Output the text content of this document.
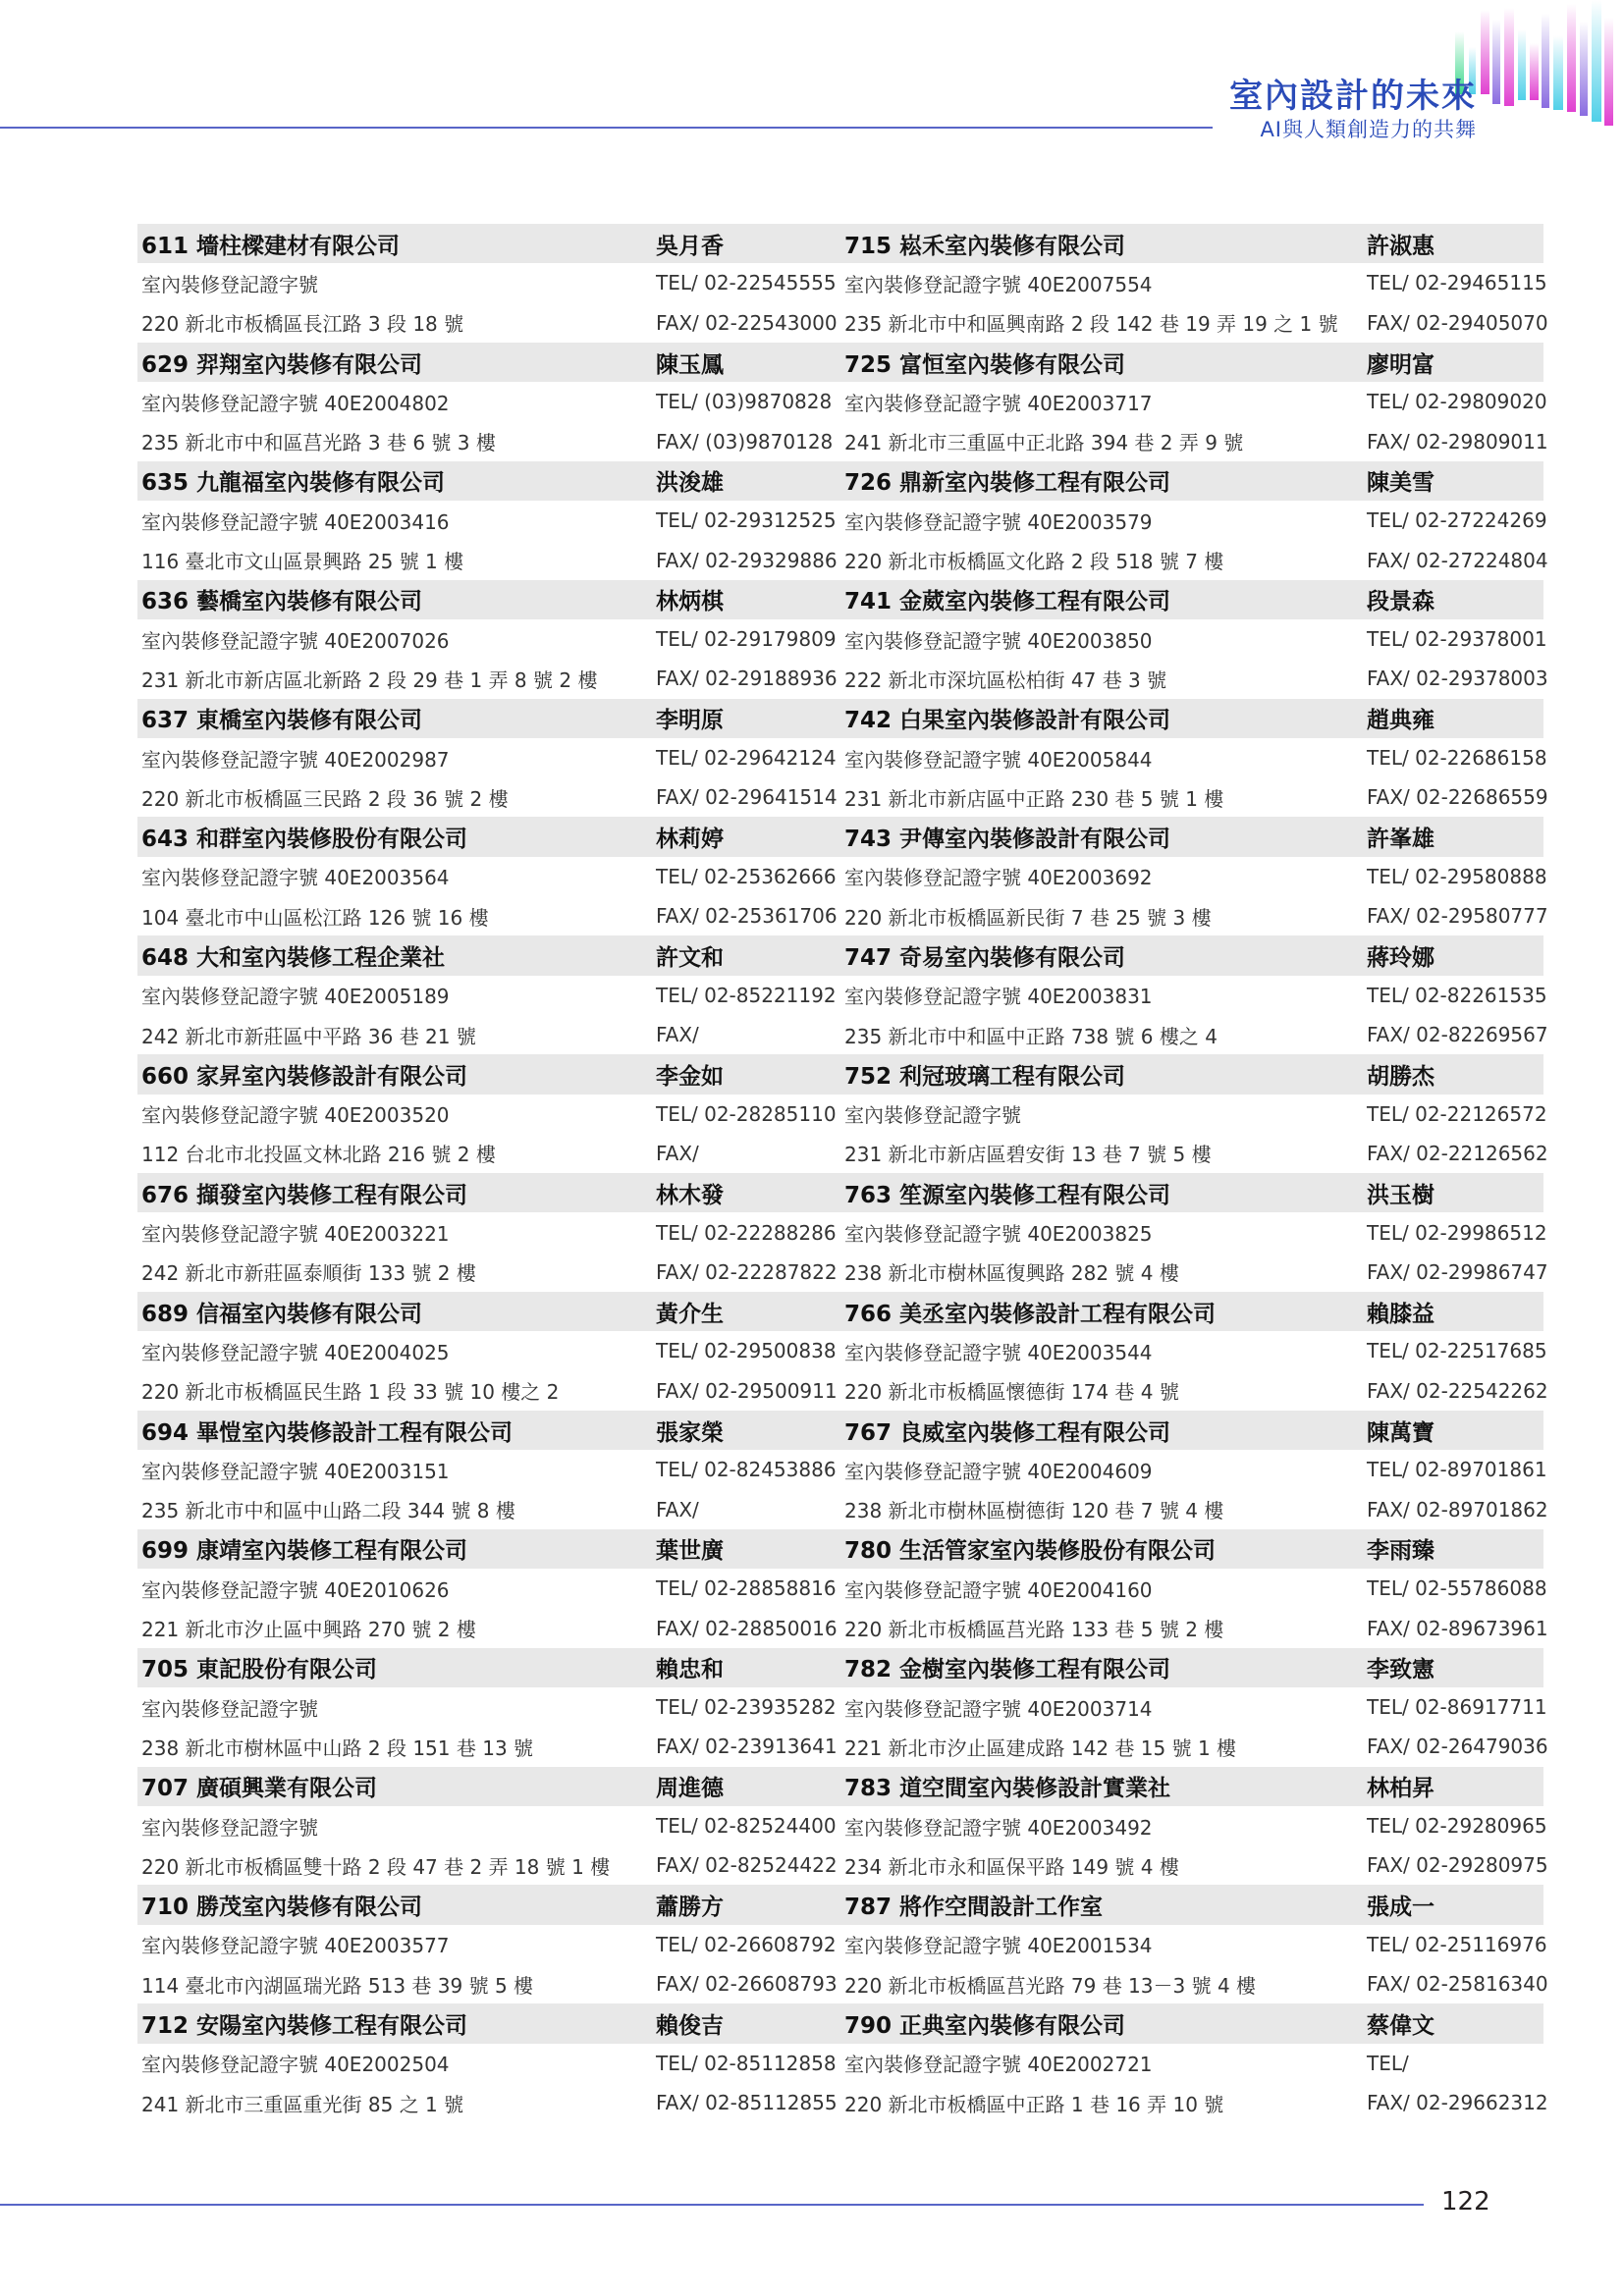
室內設計的未來
AI與人類創造力的共舞
611 墻柱樑建材有限公司	吳月香
室內裝修登記證字號	TEL/ 02-22545555
220 新北市板橋區長江路 3 段 18 號	FAX/ 02-22543000
629 羿翔室內裝修有限公司	陳玉鳳
室內裝修登記證字號 40E2004802	TEL/ (03)9870828
235 新北市中和區莒光路 3 巷 6 號 3 樓	FAX/ (03)9870128
635 九龍福室內裝修有限公司	洪浚雄
室內裝修登記證字號 40E2003416	TEL/ 02-29312525
116 臺北市文山區景興路 25 號 1 樓	FAX/ 02-29329886
636 藝橋室內裝修有限公司	林炳棋
室內裝修登記證字號 40E2007026	TEL/ 02-29179809
231 新北市新店區北新路 2 段 29 巷 1 弄 8 號 2 樓	FAX/ 02-29188936
637 東橋室內裝修有限公司	李明原
室內裝修登記證字號 40E2002987	TEL/ 02-29642124
220 新北市板橋區三民路 2 段 36 號 2 樓	FAX/ 02-29641514
643 和群室內裝修股份有限公司	林莉婷
室內裝修登記證字號 40E2003564	TEL/ 02-25362666
104 臺北市中山區松江路 126 號 16 樓	FAX/ 02-25361706
648 大和室內裝修工程企業社	許文和
室內裝修登記證字號 40E2005189	TEL/ 02-85221192
242 新北市新莊區中平路 36 巷 21 號	FAX/
660 家昇室內裝修設計有限公司	李金如
室內裝修登記證字號 40E2003520	TEL/ 02-28285110
112 台北市北投區文林北路 216 號 2 樓	FAX/
676 擷發室內裝修工程有限公司	林木發
室內裝修登記證字號 40E2003221	TEL/ 02-22288286
242 新北市新莊區泰順街 133 號 2 樓	FAX/ 02-22287822
689 信福室內裝修有限公司	黃介生
室內裝修登記證字號 40E2004025	TEL/ 02-29500838
220 新北市板橋區民生路 1 段 33 號 10 樓之 2	FAX/ 02-29500911
694 畢愷室內裝修設計工程有限公司	張家榮
室內裝修登記證字號 40E2003151	TEL/ 02-82453886
235 新北市中和區中山路二段 344 號 8 樓	FAX/
699 康靖室內裝修工程有限公司	葉世廣
室內裝修登記證字號 40E2010626	TEL/ 02-28858816
221 新北市汐止區中興路 270 號 2 樓	FAX/ 02-28850016
705 東記股份有限公司	賴忠和
室內裝修登記證字號	TEL/ 02-23935282
238 新北市樹林區中山路 2 段 151 巷 13 號	FAX/ 02-23913641
707 廣碩興業有限公司	周進德
室內裝修登記證字號	TEL/ 02-82524400
220 新北市板橋區雙十路 2 段 47 巷 2 弄 18 號 1 樓	FAX/ 02-82524422
710 勝茂室內裝修有限公司	蕭勝方
室內裝修登記證字號 40E2003577	TEL/ 02-26608792
114 臺北市內湖區瑞光路 513 巷 39 號 5 樓	FAX/ 02-26608793
712 安陽室內裝修工程有限公司	賴俊吉
室內裝修登記證字號 40E2002504	TEL/ 02-85112858
241 新北市三重區重光街 85 之 1 號	FAX/ 02-85112855
715 崧禾室內裝修有限公司	許淑惠
室內裝修登記證字號 40E2007554	TEL/ 02-29465115
235 新北市中和區興南路 2 段 142 巷 19 弄 19 之 1 號	FAX/ 02-29405070
725 富恒室內裝修有限公司	廖明富
室內裝修登記證字號 40E2003717	TEL/ 02-29809020
241 新北市三重區中正北路 394 巷 2 弄 9 號	FAX/ 02-29809011
726 鼎新室內裝修工程有限公司	陳美雪
室內裝修登記證字號 40E2003579	TEL/ 02-27224269
220 新北市板橋區文化路 2 段 518 號 7 樓	FAX/ 02-27224804
741 金葳室內裝修工程有限公司	段景森
室內裝修登記證字號 40E2003850	TEL/ 02-29378001
222 新北市深坑區松柏街 47 巷 3 號	FAX/ 02-29378003
742 白果室內裝修設計有限公司	趙典雍
室內裝修登記證字號 40E2005844	TEL/ 02-22686158
231 新北市新店區中正路 230 巷 5 號 1 樓	FAX/ 02-22686559
743 尹傳室內裝修設計有限公司	許峯雄
室內裝修登記證字號 40E2003692	TEL/ 02-29580888
220 新北市板橋區新民街 7 巷 25 號 3 樓	FAX/ 02-29580777
747 奇易室內裝修有限公司	蔣玲娜
室內裝修登記證字號 40E2003831	TEL/ 02-82261535
235 新北市中和區中正路 738 號 6 樓之 4	FAX/ 02-82269567
752 利冠玻璃工程有限公司	胡勝杰
室內裝修登記證字號	TEL/ 02-22126572
231 新北市新店區碧安街 13 巷 7 號 5 樓	FAX/ 02-22126562
763 笙源室內裝修工程有限公司	洪玉樹
室內裝修登記證字號 40E2003825	TEL/ 02-29986512
238 新北市樹林區復興路 282 號 4 樓	FAX/ 02-29986747
766 美丞室內裝修設計工程有限公司	賴膝益
室內裝修登記證字號 40E2003544	TEL/ 02-22517685
220 新北市板橋區懷德街 174 巷 4 號	FAX/ 02-22542262
767 良威室內裝修工程有限公司	陳萬寶
室內裝修登記證字號 40E2004609	TEL/ 02-89701861
238 新北市樹林區樹德街 120 巷 7 號 4 樓	FAX/ 02-89701862
780 生活管家室內裝修股份有限公司	李雨臻
室內裝修登記證字號 40E2004160	TEL/ 02-55786088
220 新北市板橋區莒光路 133 巷 5 號 2 樓	FAX/ 02-89673961
782 金樹室內裝修工程有限公司	李致憲
室內裝修登記證字號 40E2003714	TEL/ 02-86917711
221 新北市汐止區建成路 142 巷 15 號 1 樓	FAX/ 02-26479036
783 道空間室內裝修設計實業社	林柏昇
室內裝修登記證字號 40E2003492	TEL/ 02-29280965
234 新北市永和區保平路 149 號 4 樓	FAX/ 02-29280975
787 將作空間設計工作室	張成一
室內裝修登記證字號 40E2001534	TEL/ 02-25116976
220 新北市板橋區莒光路 79 巷 13－3 號 4 樓	FAX/ 02-25816340
790 正典室內裝修有限公司	蔡偉文
室內裝修登記證字號 40E2002721	TEL/
220 新北市板橋區中正路 1 巷 16 弄 10 號	FAX/ 02-29662312
122
